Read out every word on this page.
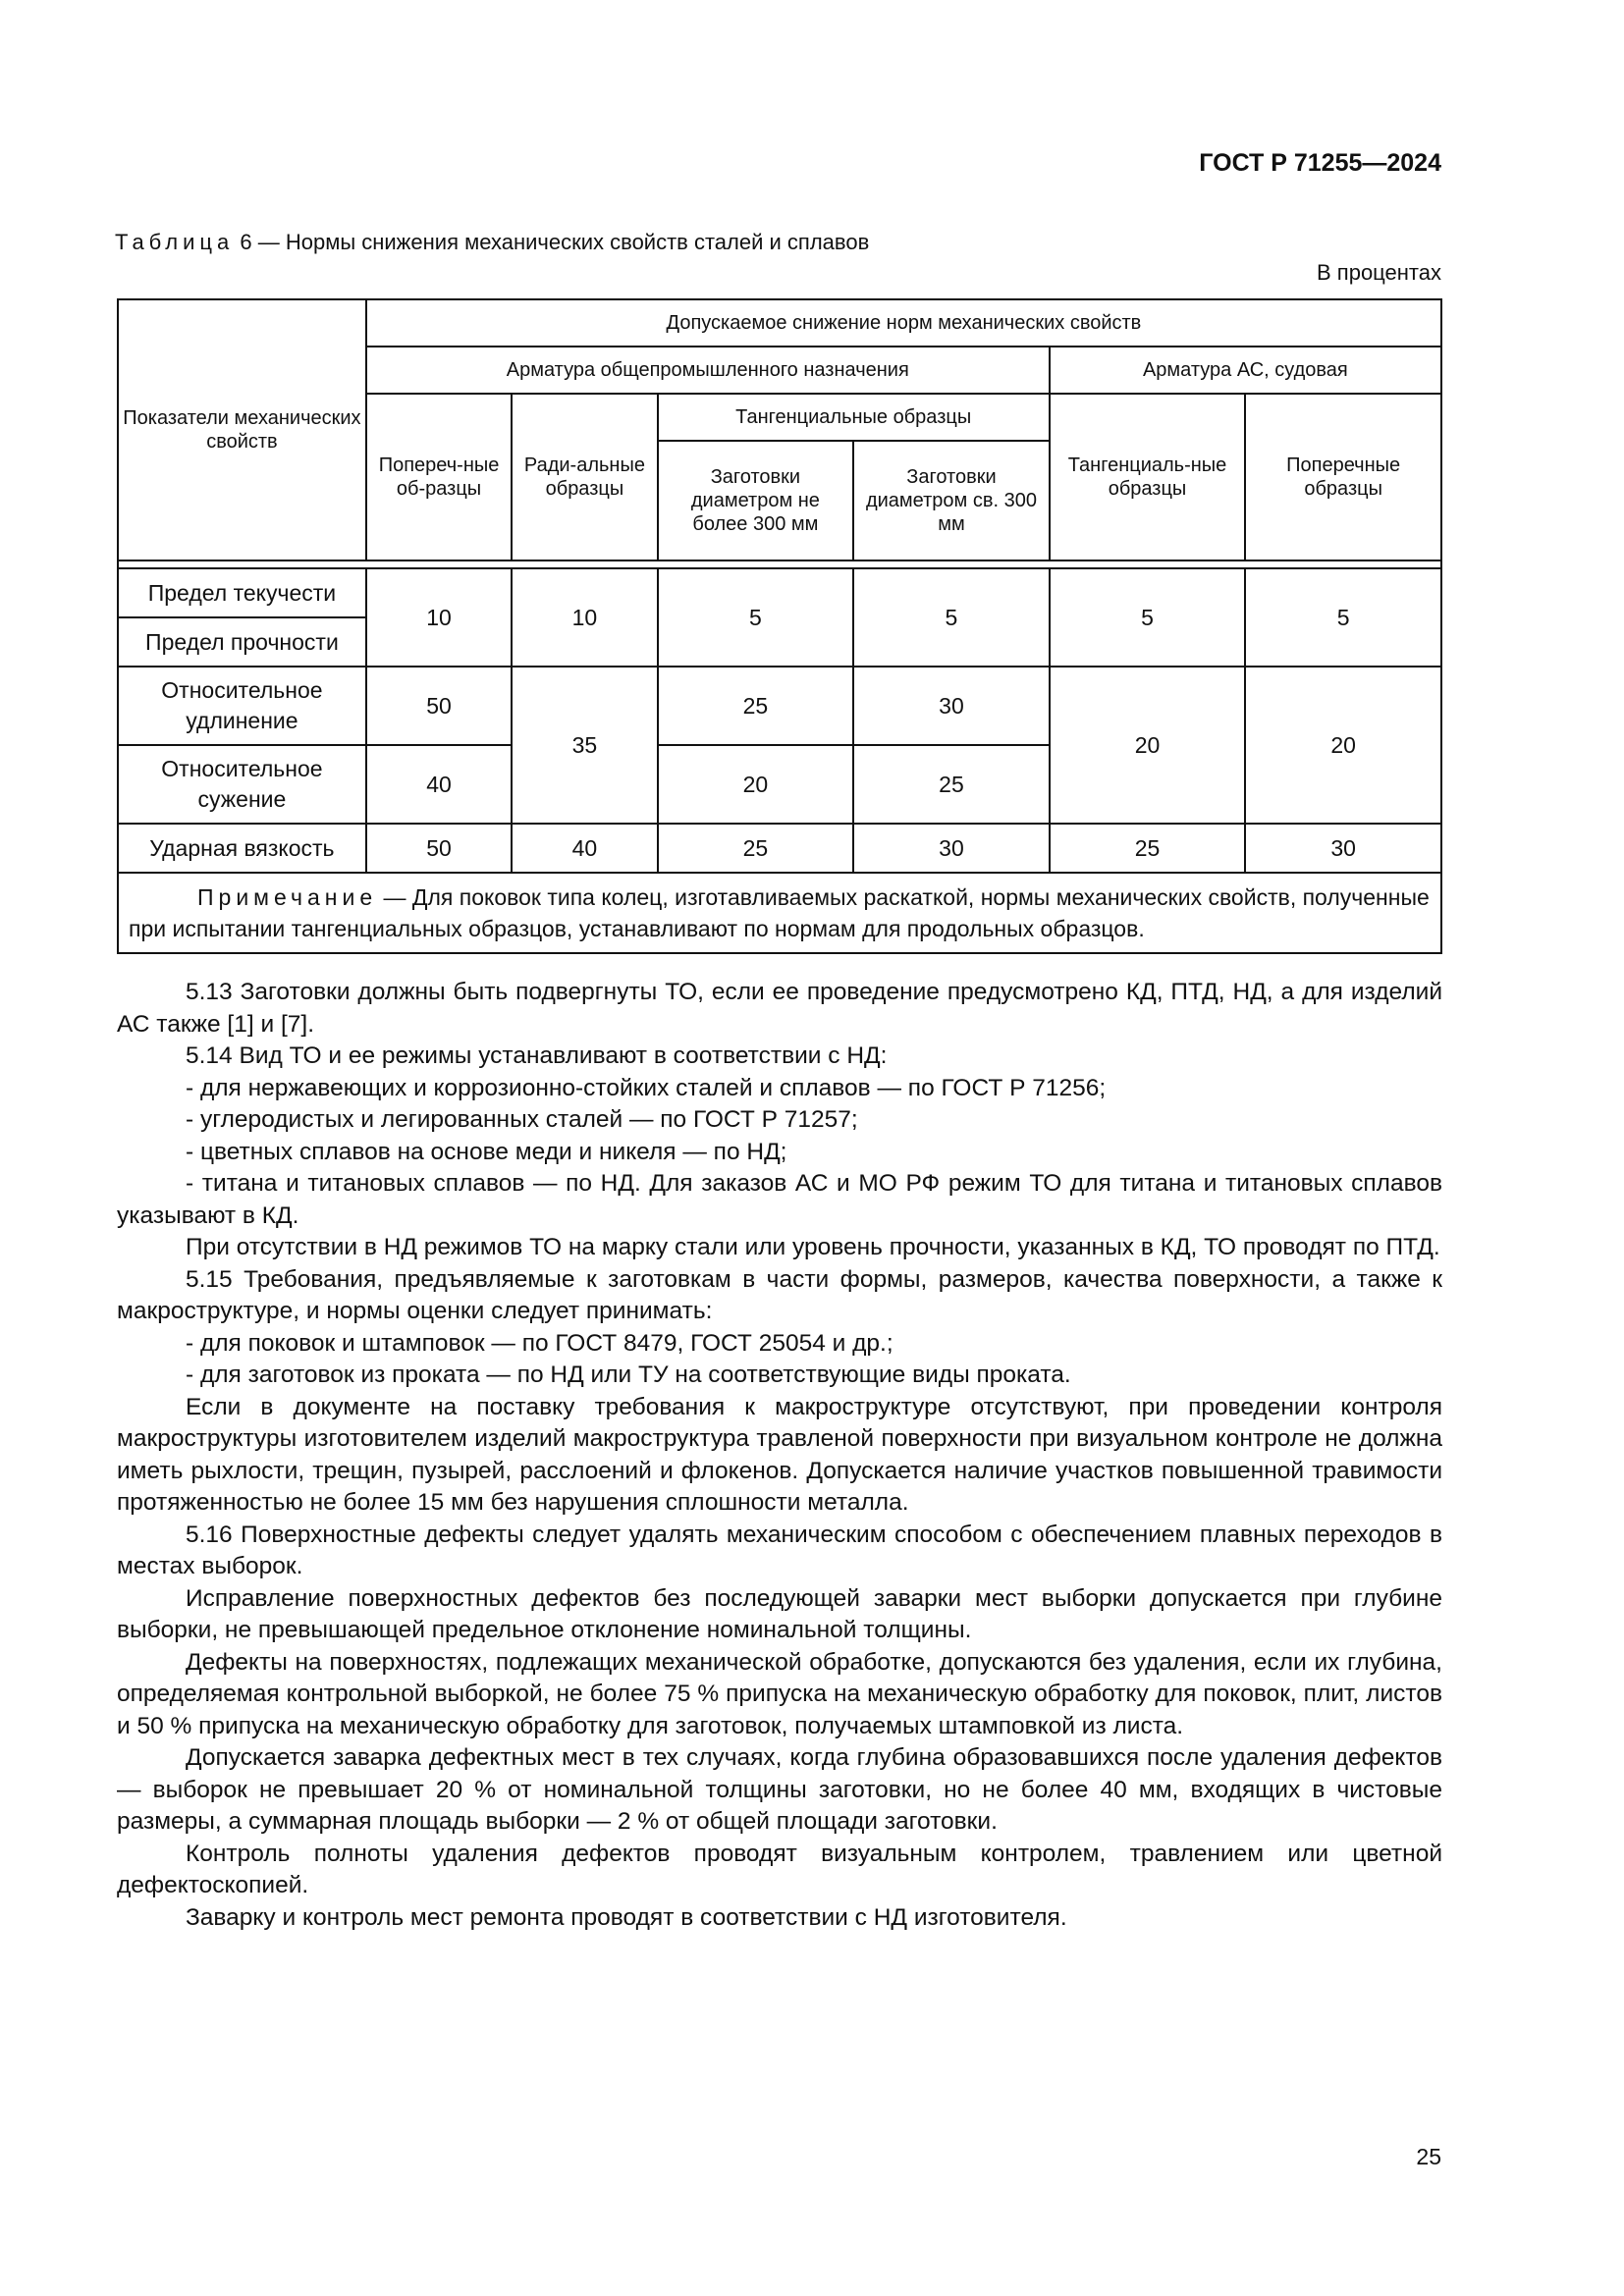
ГОСТ Р 71255—2024
Таблица 6 — Нормы снижения механических свойств сталей и сплавов
В процентах
Показатели механических свойств	Допускаемое снижение норм механических свойств					
	Арматура общепромышленного назначения				Арматура АС, судовая	
	Попереч-ные об-разцы	Ради-альные образцы	Тангенциальные образцы		Тангенциаль-ные образцы	Поперечные образцы
			Заготовки диаметром не более 300 мм	Заготовки диаметром св. 300 мм		

Предел текучести	10	10	5	5	5	5
Предел прочности						
Относительное удлинение	50	35	25	30	20	20
Относительное сужение	40		20	25		
Ударная вязкость	50	40	25	30	25	30
Примечание — Для поковок типа колец, изготавливаемых раскаткой, нормы механических свойств, полученные при испытании тангенциальных образцов, устанавливают по нормам для продольных образцов.						

5.13 Заготовки должны быть подвергнуты ТО, если ее проведение предусмотрено КД, ПТД, НД, а для изделий АС также [1] и [7].

5.14 Вид ТО и ее режимы устанавливают в соответствии с НД:

- для нержавеющих и коррозионно-стойких сталей и сплавов — по ГОСТ Р 71256;

- углеродистых и легированных сталей — по ГОСТ Р 71257;

- цветных сплавов на основе меди и никеля — по НД;

- титана и титановых сплавов — по НД. Для заказов АС и МО РФ режим ТО для титана и титановых сплавов указывают в КД.

При отсутствии в НД режимов ТО на марку стали или уровень прочности, указанных в КД, ТО проводят по ПТД.

5.15 Требования, предъявляемые к заготовкам в части формы, размеров, качества поверхности, а также к макроструктуре, и нормы оценки следует принимать:

- для поковок и штамповок — по ГОСТ 8479, ГОСТ 25054 и др.;

- для заготовок из проката — по НД или ТУ на соответствующие виды проката.

Если в документе на поставку требования к макроструктуре отсутствуют, при проведении контроля макроструктуры изготовителем изделий макроструктура травленой поверхности при визуальном контроле не должна иметь рыхлости, трещин, пузырей, расслоений и флокенов. Допускается наличие участков повышенной травимости протяженностью не более 15 мм без нарушения сплошности металла.

5.16 Поверхностные дефекты следует удалять механическим способом с обеспечением плавных переходов в местах выборок.

Исправление поверхностных дефектов без последующей заварки мест выборки допускается при глубине выборки, не превышающей предельное отклонение номинальной толщины.

Дефекты на поверхностях, подлежащих механической обработке, допускаются без удаления, если их глубина, определяемая контрольной выборкой, не более 75 % припуска на механическую обработку для поковок, плит, листов и 50 % припуска на механическую обработку для заготовок, получаемых штамповкой из листа.

Допускается заварка дефектных мест в тех случаях, когда глубина образовавшихся после удаления дефектов — выборок не превышает 20 % от номинальной толщины заготовки, но не более 40 мм, входящих в чистовые размеры, а суммарная площадь выборки — 2 % от общей площади заготовки.

Контроль полноты удаления дефектов проводят визуальным контролем, травлением или цветной дефектоскопией.

Заварку и контроль мест ремонта проводят в соответствии с НД изготовителя.

25
